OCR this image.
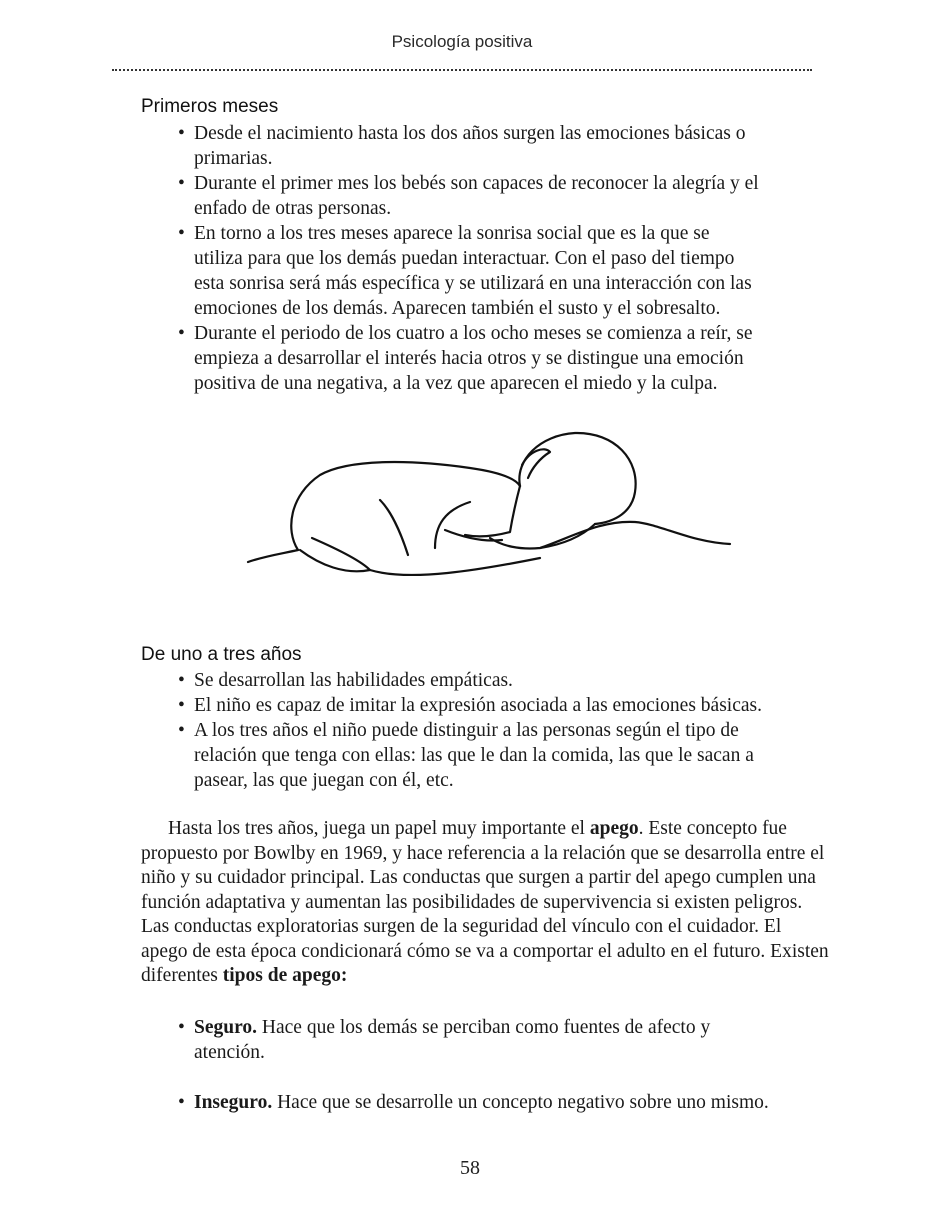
Psicología positiva
Primeros meses
• Desde el nacimiento hasta los dos años surgen las emociones básicas o
primarias.
• Durante el primer mes los bebés son capaces de reconocer la alegría y el
enfado de otras personas.
• En torno a los tres meses aparece la sonrisa social que es la que se
utiliza para que los demás puedan interactuar. Con el paso del tiempo
esta sonrisa será más específica y se utilizará en una interacción con las
emociones de los demás. Aparecen también el susto y el sobresalto.
• Durante el periodo de los cuatro a los ocho meses se comienza a reír, se
empieza a desarrollar el interés hacia otros y se distingue una emoción
positiva de una negativa, a la vez que aparecen el miedo y la culpa.
De uno a tres años
• Se desarrollan las habilidades empáticas.
• El niño es capaz de imitar la expresión asociada a las emociones básicas.
• A los tres años el niño puede distinguir a las personas según el tipo de
relación que tenga con ellas: las que le dan la comida, las que le sacan a
pasear, las que juegan con él, etc.

Hasta los tres años, juega un papel muy importante el apego. Este concepto fue propuesto por Bowlby en 1969, y hace referencia a la relación que se desarrolla entre el niño y su cuidador principal. Las conductas que surgen a partir del apego cumplen una función adaptativa y aumentan las posibilidades de supervivencia si existen peligros. Las conductas exploratorias surgen de la seguridad del vínculo con el cuidador. El apego de esta época condicionará cómo se va a comportar el adulto en el futuro. Existen diferentes tipos de apego:

• Seguro. Hace que los demás se perciban como fuentes de afecto y
atención.
• Inseguro. Hace que se desarrolle un concepto negativo sobre uno mismo.
58
